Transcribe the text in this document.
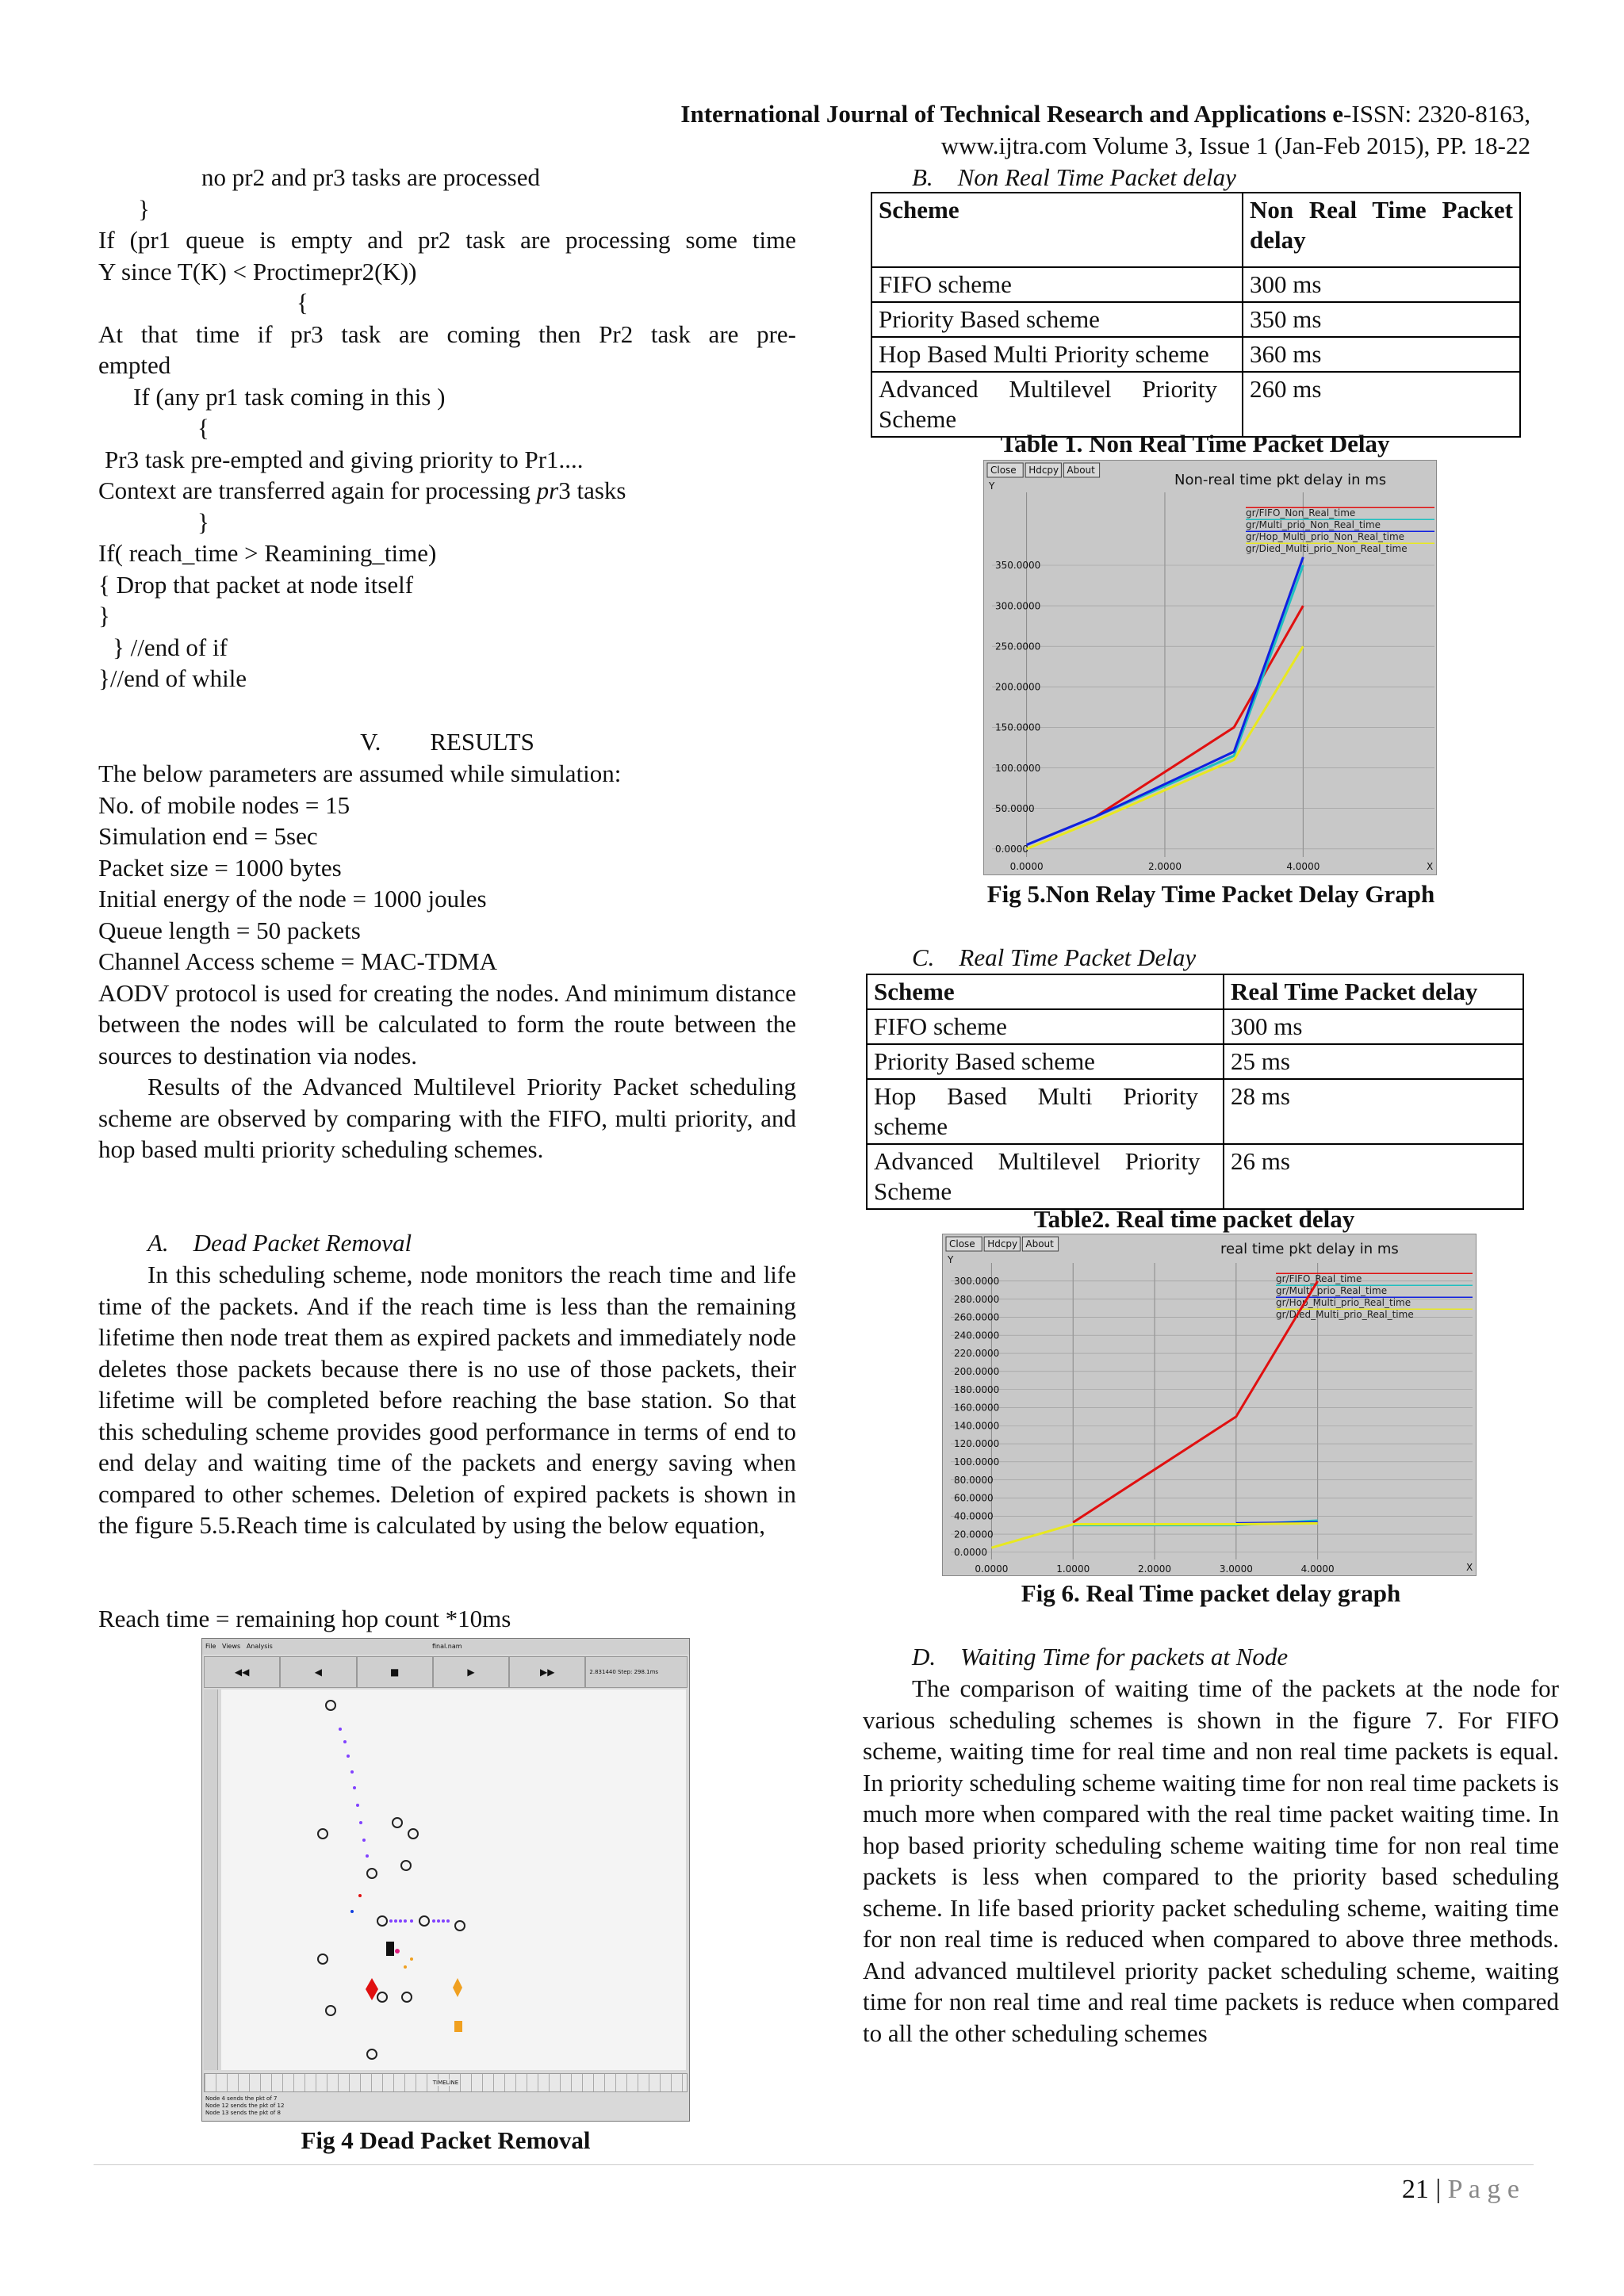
International Journal of Technical Research and Applications e-ISSN: 2320-8163,
www.ijtra.com Volume 3, Issue 1 (Jan-Feb 2015), PP. 18-22
no pr2 and pr3 tasks are processed
}
If (pr1 queue is empty and pr2 task are processing some time
Y since T(K) < Proctimepr2(K))
{
At that time if pr3 task are coming then Pr2 task are pre-
empted
If (any pr1 task coming in this )
{
Pr3 task pre-empted and giving priority to Pr1....
Context are transferred again for processing pr3 tasks
}
If( reach_time > Reamining_time)
{ Drop that packet at node itself
}
} //end of if
}//end of while
V.        RESULTS
The below parameters are assumed while simulation:
No. of mobile nodes = 15
Simulation end = 5sec
Packet size = 1000 bytes
Initial energy of the node = 1000 joules
Queue length = 50 packets
Channel Access scheme = MAC-TDMA
AODV protocol is used for creating the nodes. And minimum distance between the nodes will be calculated to form the route between the sources to destination via nodes.
Results of the Advanced Multilevel Priority Packet scheduling scheme are observed by comparing with the FIFO, multi priority, and hop based multi priority scheduling schemes.
A.    Dead Packet Removal
In this scheduling scheme, node monitors the reach time and life time of the packets. And if the reach time is less than the remaining lifetime then node treat them as expired packets and immediately node deletes those packets because there is no use of those packets, their lifetime will be completed before reaching the base station. So that this scheduling scheme provides good performance in terms of end to end delay and waiting time of the packets and energy saving when compared to other schemes. Deletion of expired packets is shown in the figure 5.5.Reach time is calculated by using the below equation,
Reach time = remaining hop count *10ms
File Views Analysis	final.nam
◀◀	◀	■	▶	▶▶	2.831440 Step: 298.1ms
TIMELINE
Node 4 sends the pkt of 7
Node 12 sends the pkt of 12
Node 13 sends the pkt of 8
Fig 4 Dead Packet Removal
B.    Non Real Time Packet delay
Scheme	Non Real Time Packet delay
FIFO scheme	300 ms
Priority Based scheme	350 ms
Hop Based Multi Priority scheme	360 ms
Advanced     Multilevel     Priority Scheme	260 ms
Table 1. Non Real Time Packet Delay
Close Hdcpy About
Non-real time pkt delay in ms
Y
X
0.0000	2.0000	4.0000
0.0000
50.0000
100.0000
150.0000
200.0000
250.0000
300.0000
350.0000
gr/FIFO_Non_Real_time
gr/Multi_prio_Non_Real_time
gr/Hop_Multi_prio_Non_Real_time
gr/Died_Multi_prio_Non_Real_time
Fig 5.Non Relay Time Packet Delay Graph
C.    Real Time Packet Delay
Scheme	Real Time Packet delay
FIFO scheme	300 ms
Priority Based scheme	25 ms
Hop     Based     Multi     Priority scheme	28 ms
Advanced    Multilevel    Priority Scheme	26 ms
Table2. Real time packet delay
Close Hdcpy About	real time pkt delay in ms
Y
X
0.0000	1.0000	2.0000	3.0000	4.0000
0.0000
20.0000
40.0000
60.0000
80.0000
100.0000
120.0000
140.0000
160.0000
180.0000
200.0000
220.0000
240.0000
260.0000
280.0000
300.0000	gr/FIFO_Real_time
gr/Multi_prio_Real_time
gr/Hop_Multi_prio_Real_time
gr/Died_Multi_prio_Real_time
Fig 6. Real Time packet delay graph
D.    Waiting Time for packets at Node
The comparison of waiting time of the packets at the node for various scheduling schemes is shown in the figure 7. For FIFO scheme, waiting time for real time and non real time packets is equal. In priority scheduling scheme waiting time for non real time packets is much more when compared with the real time packet waiting time. In hop based priority scheduling scheme waiting time for non real time packets is less when compared to the priority based scheduling scheme. In life based priority packet scheduling scheme, waiting time for non real time is reduced when compared to above three methods. And advanced multilevel priority packet scheduling scheme, waiting time for non real time and real time packets is reduce when compared to all the other scheduling schemes
21 | P a g e
